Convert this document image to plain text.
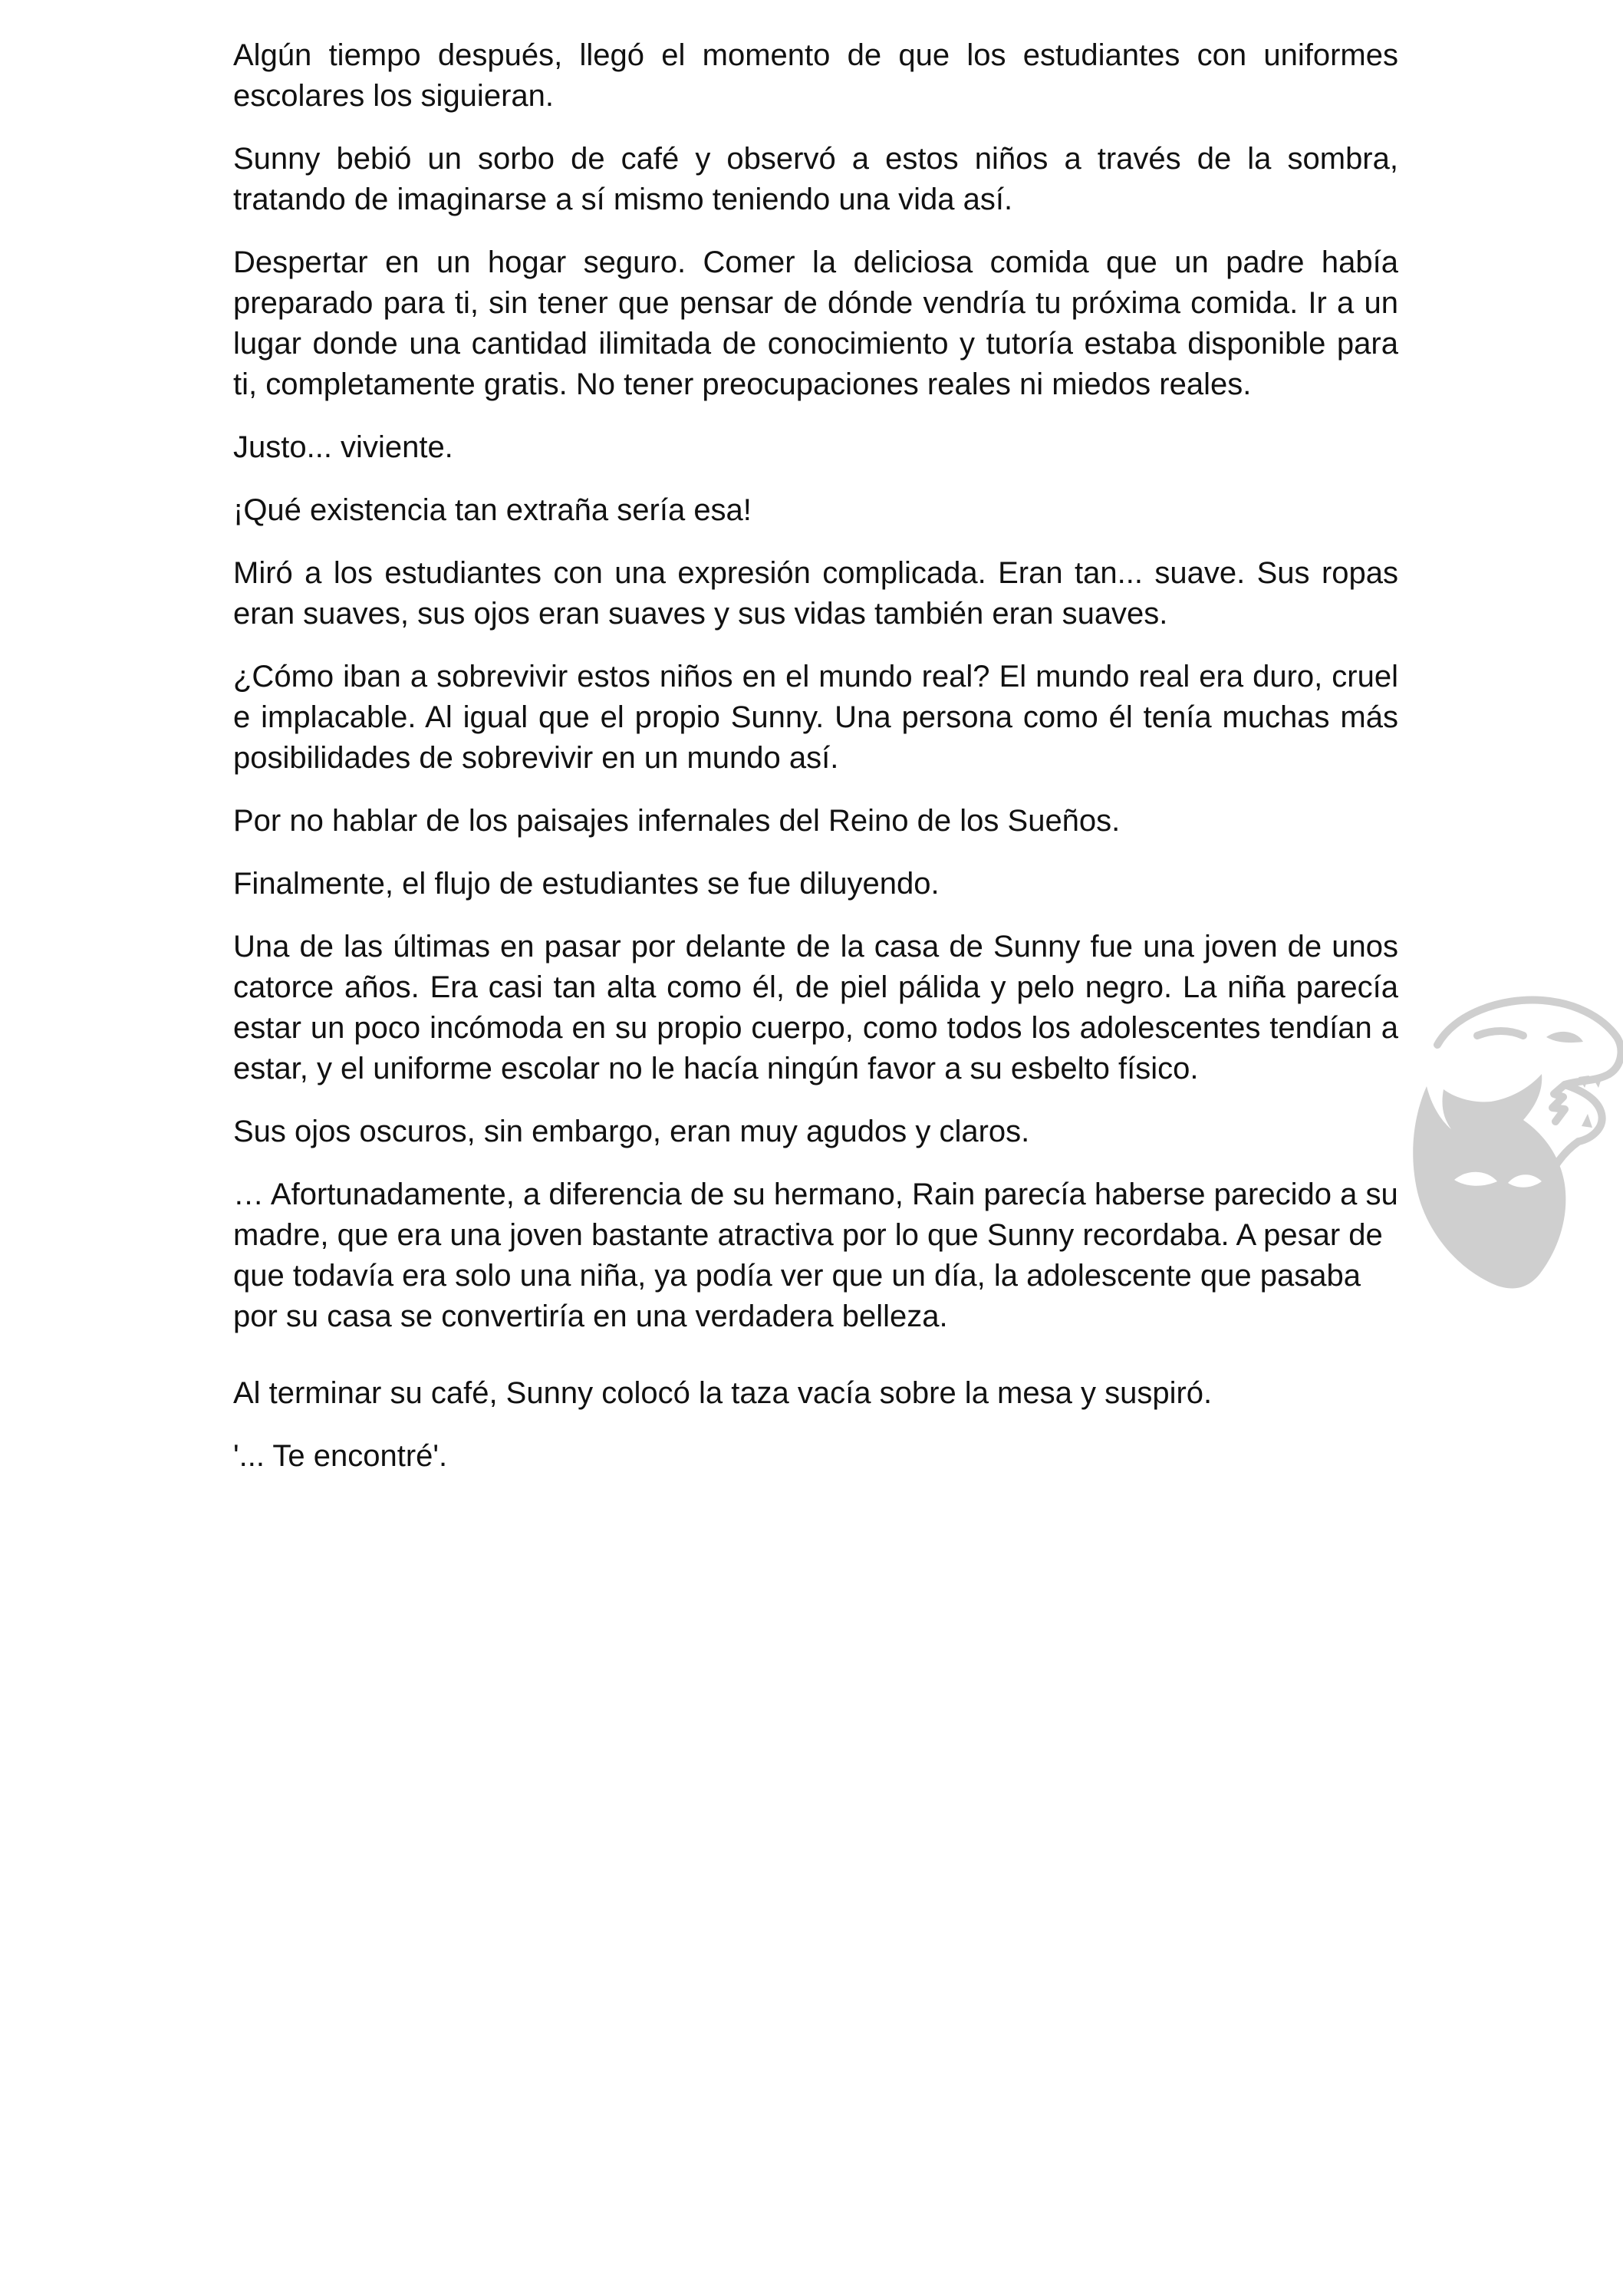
Algún tiempo después, llegó el momento de que los estudiantes con uniformes escolares los siguieran.

Sunny bebió un sorbo de café y observó a estos niños a través de la sombra, tratando de imaginarse a sí mismo teniendo una vida así.

Despertar en un hogar seguro. Comer la deliciosa comida que un padre había preparado para ti, sin tener que pensar de dónde vendría tu próxima comida. Ir a un lugar donde una cantidad ilimitada de conocimiento y tutoría estaba disponible para ti, completamente gratis. No tener preocupaciones reales ni miedos reales.

Justo... viviente.

¡Qué existencia tan extraña sería esa!

Miró a los estudiantes con una expresión complicada. Eran tan... suave. Sus ropas eran suaves, sus ojos eran suaves y sus vidas también eran suaves.

¿Cómo iban a sobrevivir estos niños en el mundo real? El mundo real era duro, cruel e implacable. Al igual que el propio Sunny. Una persona como él tenía muchas más posibilidades de sobrevivir en un mundo así.

Por no hablar de los paisajes infernales del Reino de los Sueños.

Finalmente, el flujo de estudiantes se fue diluyendo.

Una de las últimas en pasar por delante de la casa de Sunny fue una joven de unos catorce años. Era casi tan alta como él, de piel pálida y pelo negro. La niña parecía estar un poco incómoda en su propio cuerpo, como todos los adolescentes tendían a estar, y el uniforme escolar no le hacía ningún favor a su esbelto físico.

Sus ojos oscuros, sin embargo, eran muy agudos y claros.

… Afortunadamente, a diferencia de su hermano, Rain parecía haberse parecido a su madre, que era una joven bastante atractiva por lo que Sunny recordaba. A pesar de que todavía era solo una niña, ya podía ver que un día, la adolescente que pasaba por su casa se convertiría en una verdadera belleza.

Al terminar su café, Sunny colocó la taza vacía sobre la mesa y suspiró.

'... Te encontré'.
